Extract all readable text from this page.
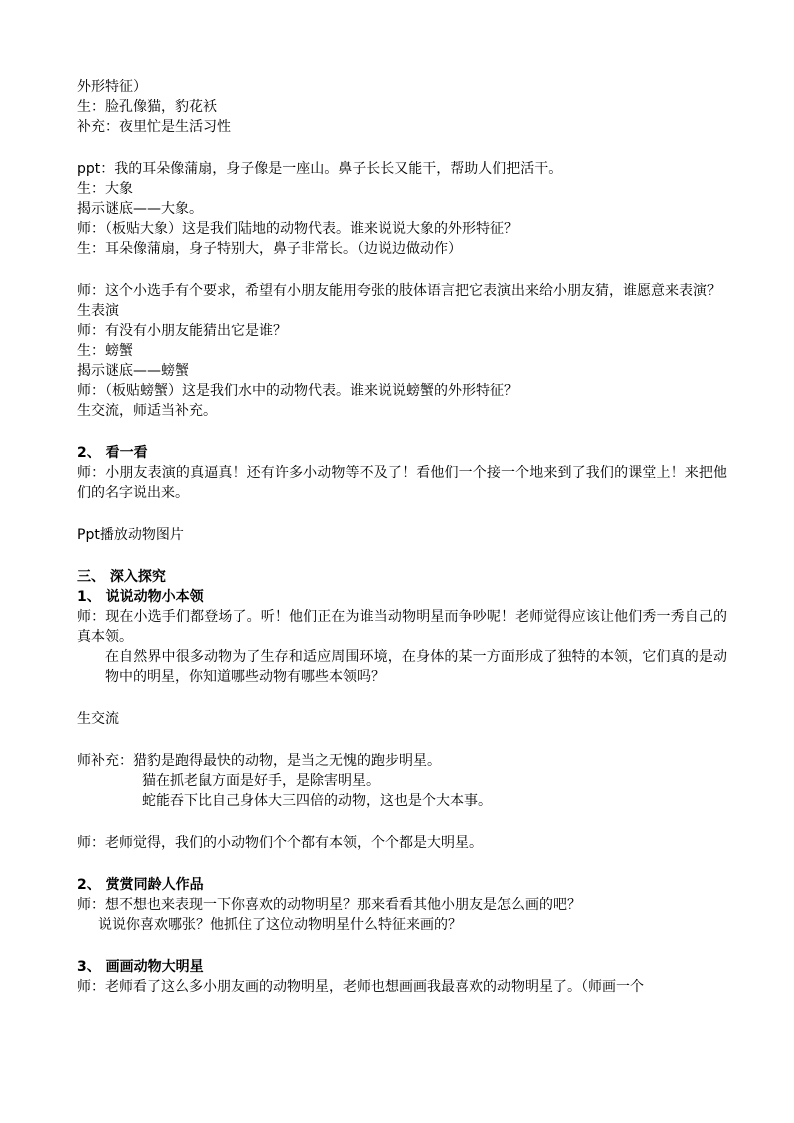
外形特征）
生：脸孔像猫，豹花袄
补充：夜里忙是生活习性
ppt：我的耳朵像蒲扇，身子像是一座山。鼻子长长又能干，帮助人们把活干。
生：大象
揭示谜底——大象。
师：（板贴大象）这是我们陆地的动物代表。谁来说说大象的外形特征？
生：耳朵像蒲扇，身子特别大，鼻子非常长。（边说边做动作）
师：这个小选手有个要求，希望有小朋友能用夸张的肢体语言把它表演出来给小朋友猜，谁愿意来表演？
生表演
师：有没有小朋友能猜出它是谁？
生：螃蟹
揭示谜底——螃蟹
师：（板贴螃蟹）这是我们水中的动物代表。谁来说说螃蟹的外形特征？
生交流，师适当补充。
2、 看一看
师：小朋友表演的真逼真！还有许多小动物等不及了！看他们一个接一个地来到了我们的课堂上！来把他们的名字说出来。
Ppt播放动物图片
三、 深入探究
1、 说说动物小本领
师：现在小选手们都登场了。听！他们正在为谁当动物明星而争吵呢！老师觉得应该让他们秀一秀自己的真本领。
在自然界中很多动物为了生存和适应周围环境，在身体的某一方面形成了独特的本领，它们真的是动物中的明星，你知道哪些动物有哪些本领吗？
生交流
师补充：猎豹是跑得最快的动物，是当之无愧的跑步明星。
猫在抓老鼠方面是好手，是除害明星。
蛇能吞下比自己身体大三四倍的动物，这也是个大本事。
师：老师觉得，我们的小动物们个个都有本领，个个都是大明星。
2、 赏赏同龄人作品
师：想不想也来表现一下你喜欢的动物明星？那来看看其他小朋友是怎么画的吧？
说说你喜欢哪张？他抓住了这位动物明星什么特征来画的？
3、 画画动物大明星
师：老师看了这么多小朋友画的动物明星，老师也想画画我最喜欢的动物明星了。（师画一个
